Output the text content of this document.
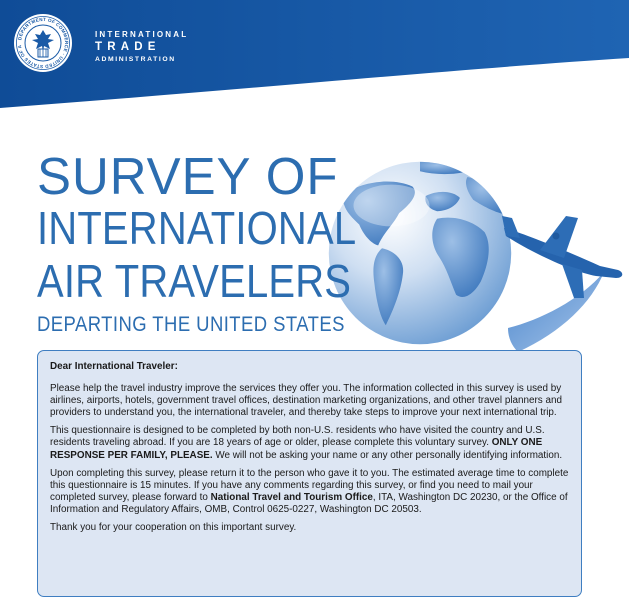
DEPARTMENT OF COMMERCE · UNITED STATES OF A
INTERNATIONAL
TRADE
ADMINISTRATION
SURVEY OF
INTERNATIONAL
AIR TRAVELERS
DEPARTING THE UNITED STATES

Dear International Traveler:

Please help the travel industry improve the services they offer you. The information collected in this survey is used by airlines, airports, hotels, government travel offices, destination marketing organizations, and other travel planners and providers to understand you, the international traveler, and thereby take steps to improve your next international trip.

This questionnaire is designed to be completed by both non-U.S. residents who have visited the country and U.S. residents traveling abroad. If you are 18 years of age or older, please complete this voluntary survey. ONLY ONE RESPONSE PER FAMILY, PLEASE. We will not be asking your name or any other personally identifying information.

Upon completing this survey, please return it to the person who gave it to you. The estimated average time to complete this questionnaire is 15 minutes. If you have any comments regarding this survey, or find you need to mail your completed survey, please forward to National Travel and Tourism Office, ITA, Washington DC 20230, or the Office of Information and Regulatory Affairs, OMB, Control 0625-0227, Washington DC 20503.

Thank you for your cooperation on this important survey.
